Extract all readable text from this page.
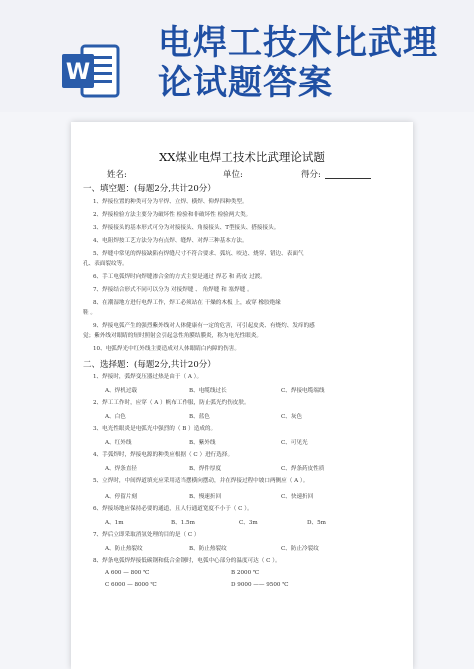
W
电焊工技术比武理
论试题答案
XX煤业电焊工技术比武理论试题
姓名:	单位:	得分:
一、填空题：(每题2分,共计20分）
1、焊接位置的种类可分为平焊、立焊、横焊、仰焊四种类型。
2、焊接检验方法主要分为破坏性 检验和非破坏性 检验两大类。
3、焊接接头的基本形式可分为对接接头、角接接头、T型接头、搭接接头。
4、电阻焊按工艺方法分为有点焊、缝焊、对焊三种基本方法。
5、焊缝中常见的焊接缺陷有焊缝尺寸不符合要求、弧坑、咬边、烧穿、错边、表面气
孔、表面裂纹等。
6、手工电弧焊时向焊缝渗合金的方式主要是通过 焊芯 和 药皮 过渡。
7、焊接结合形式不同可以分为 对接焊缝 、 角焊缝 和 塞焊缝 。
8、在潮湿地方进行电焊工作，焊工必须站在 干燥的木板 上，或穿 橡胶绝缘
鞋 。
9、焊接电弧产生的强烈紫外线对人体健康有一定的危害，可引起皮炎、有烧灼、发痒的感
觉；紫外线对眼睛的短时照射会引起急性角膜结膜炎，称为电光性眼炎。
10、电弧焊光中红外线主要造成对人体眼睛白内障的伤害。
二、选择题：(每题2分,共计20分）
1、焊接时，弧焊变压器过热是由于（ A ）。
A、焊机过载	B、电缆线过长	C、焊接电缆端线
2、焊工工作时，应穿（ A ）帆布工作服，防止弧光灼伤皮肤。
A、白色	B、蓝色	C、灰色
3、电光性眼炎是电弧光中强烈的（ B ）造成的。
A、红外线	B、紫外线	C、可见光
4、手弧焊时，焊接电源的种类应根据（ C ）进行选择。
A、焊条直径	B、焊件厚度	C、焊条药皮性质
5、立焊时，中间焊道填充应采用适当摆横向摆动，并在焊接过程中坡口两侧应（ A ）。
A、停留片刻	B、慢速折回	C、快速折回
6、焊接场地应保持必要的通道，且人行通道宽度不小于（ C ）。
A、1m	B、1.5m	C、3m	D、5m
7、焊后立即采取消氢处理的目的是（ C ）
A、防止热裂纹	B、防止热裂纹	C、防止冷裂纹
8、焊条电弧焊焊接低碳钢和低合金钢时，电弧中心部分的温度可达（ C ）。
A 600 — 800 ℃	B 2000 ℃
C 6000 — 8000 ℃	D 9000 —— 9500 ℃
